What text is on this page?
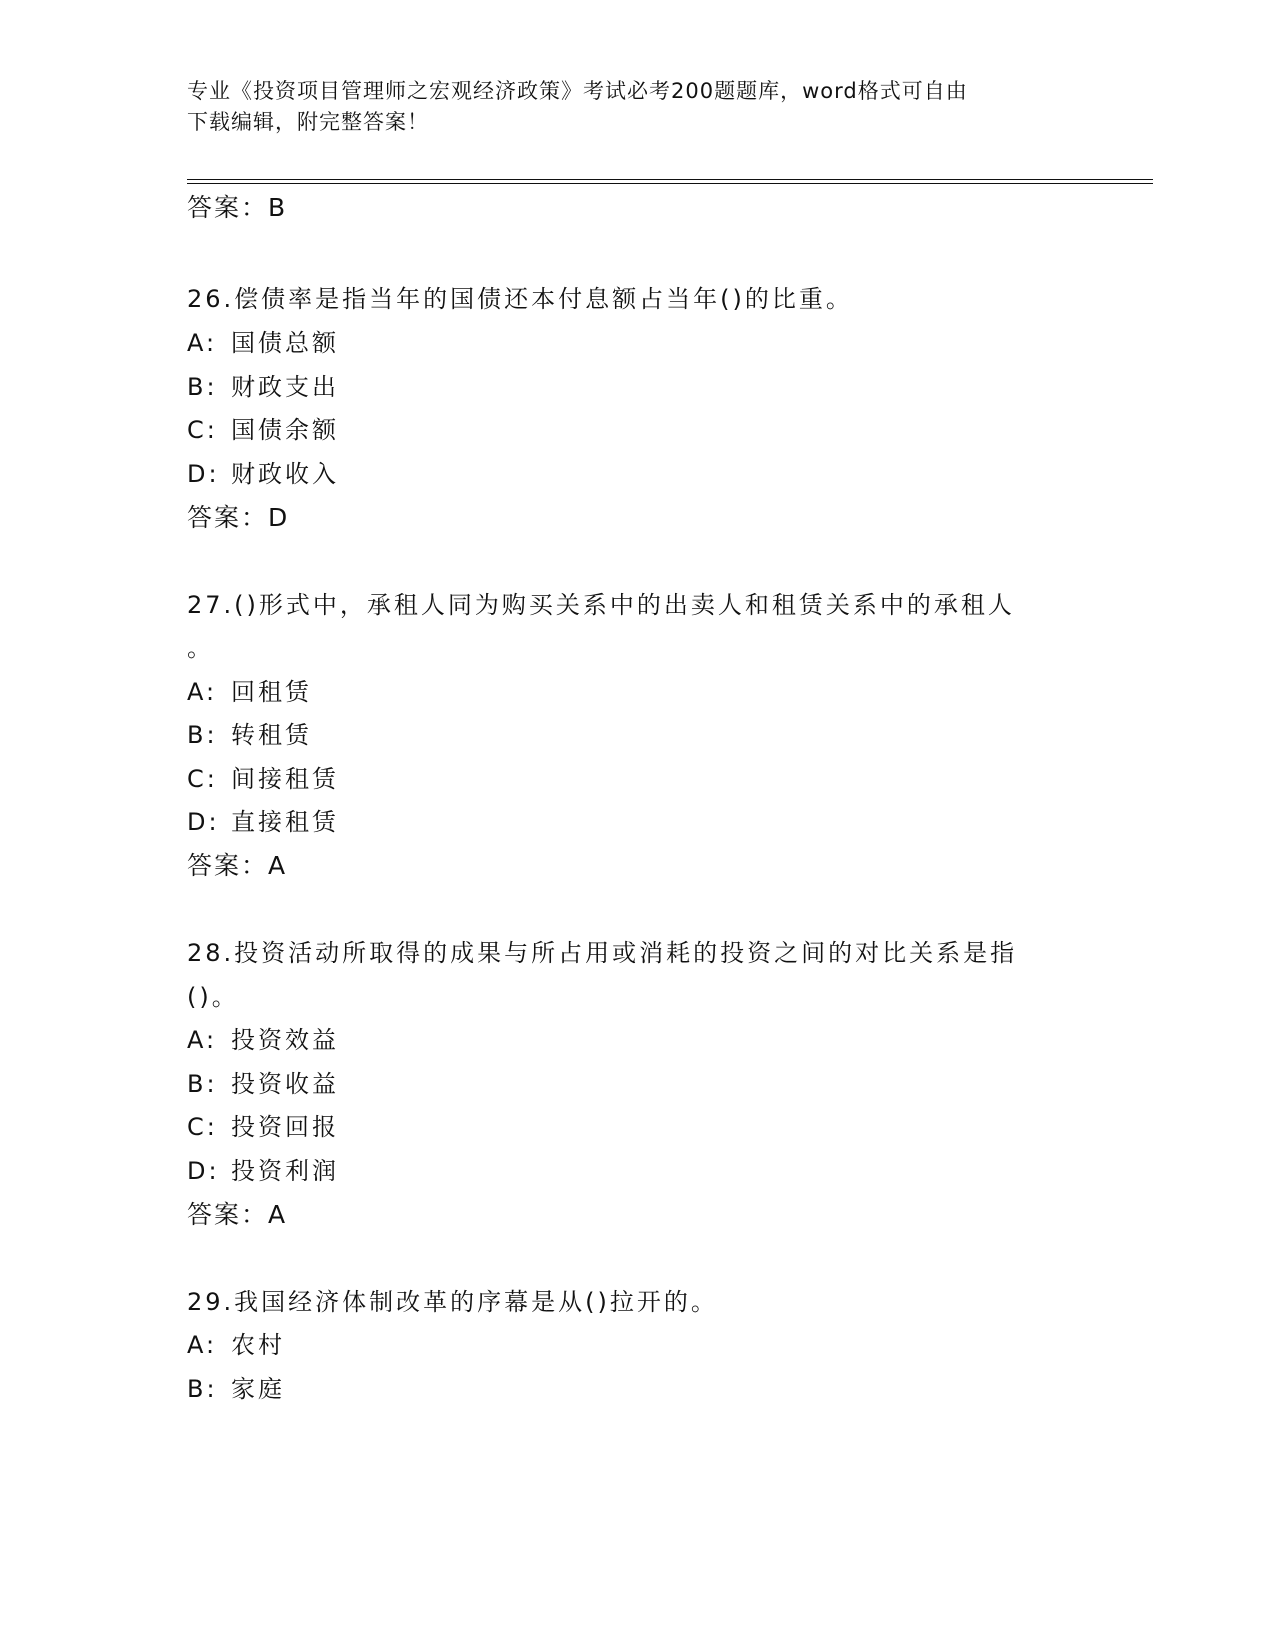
专业《投资项目管理师之宏观经济政策》考试必考200题题库，word格式可自由
下载编辑，附完整答案！
答案：B
26.偿债率是指当年的国债还本付息额占当年()的比重。
A: 国债总额
B: 财政支出
C: 国债余额
D: 财政收入
答案：D
27.()形式中，承租人同为购买关系中的出卖人和租赁关系中的承租人
。
A: 回租赁
B: 转租赁
C: 间接租赁
D: 直接租赁
答案：A
28.投资活动所取得的成果与所占用或消耗的投资之间的对比关系是指
()。
A: 投资效益
B: 投资收益
C: 投资回报
D: 投资利润
答案：A
29.我国经济体制改革的序幕是从()拉开的。
A: 农村
B: 家庭
